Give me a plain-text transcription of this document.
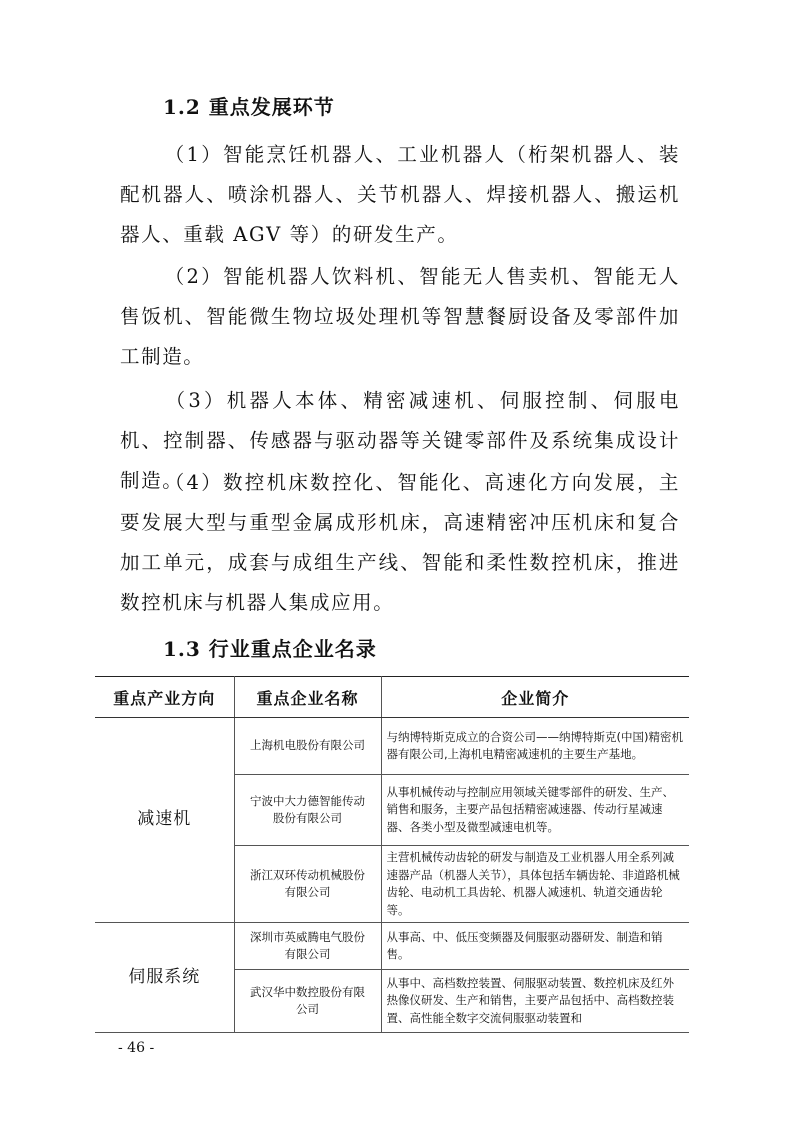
1.2 重点发展环节
（1）智能烹饪机器人、工业机器人（桁架机器人、装配机器人、喷涂机器人、关节机器人、焊接机器人、搬运机器人、重载 AGV 等）的研发生产。
（2）智能机器人饮料机、智能无人售卖机、智能无人售饭机、智能微生物垃圾处理机等智慧餐厨设备及零部件加工制造。
（3）机器人本体、精密减速机、伺服控制、伺服电机、控制器、传感器与驱动器等关键零部件及系统集成设计制造。
（4）数控机床数控化、智能化、高速化方向发展，主要发展大型与重型金属成形机床，高速精密冲压机床和复合加工单元，成套与成组生产线、智能和柔性数控机床，推进数控机床与机器人集成应用。
1.3 行业重点企业名录
重点产业方向	重点企业名称	企业简介
减速机	上海机电股份有限公司	与纳博特斯克成立的合资公司——纳博特斯克(中国)精密机器有限公司,上海机电精密减速机的主要生产基地。
	宁波中大力德智能传动股份有限公司	从事机械传动与控制应用领域关键零部件的研发、生产、销售和服务，主要产品包括精密减速器、传动行星减速器、各类小型及微型减速电机等。
	浙江双环传动机械股份有限公司	主营机械传动齿轮的研发与制造及工业机器人用全系列减速器产品（机器人关节），具体包括车辆齿轮、非道路机械齿轮、电动机工具齿轮、机器人减速机、轨道交通齿轮等。
伺服系统	深圳市英威腾电气股份有限公司	从事高、中、低压变频器及伺服驱动器研发、制造和销售。
	武汉华中数控股份有限公司	从事中、高档数控装置、伺服驱动装置、数控机床及红外热像仪研发、生产和销售，主要产品包括中、高档数控装置、高性能全数字交流伺服驱动装置和
- 46 -
